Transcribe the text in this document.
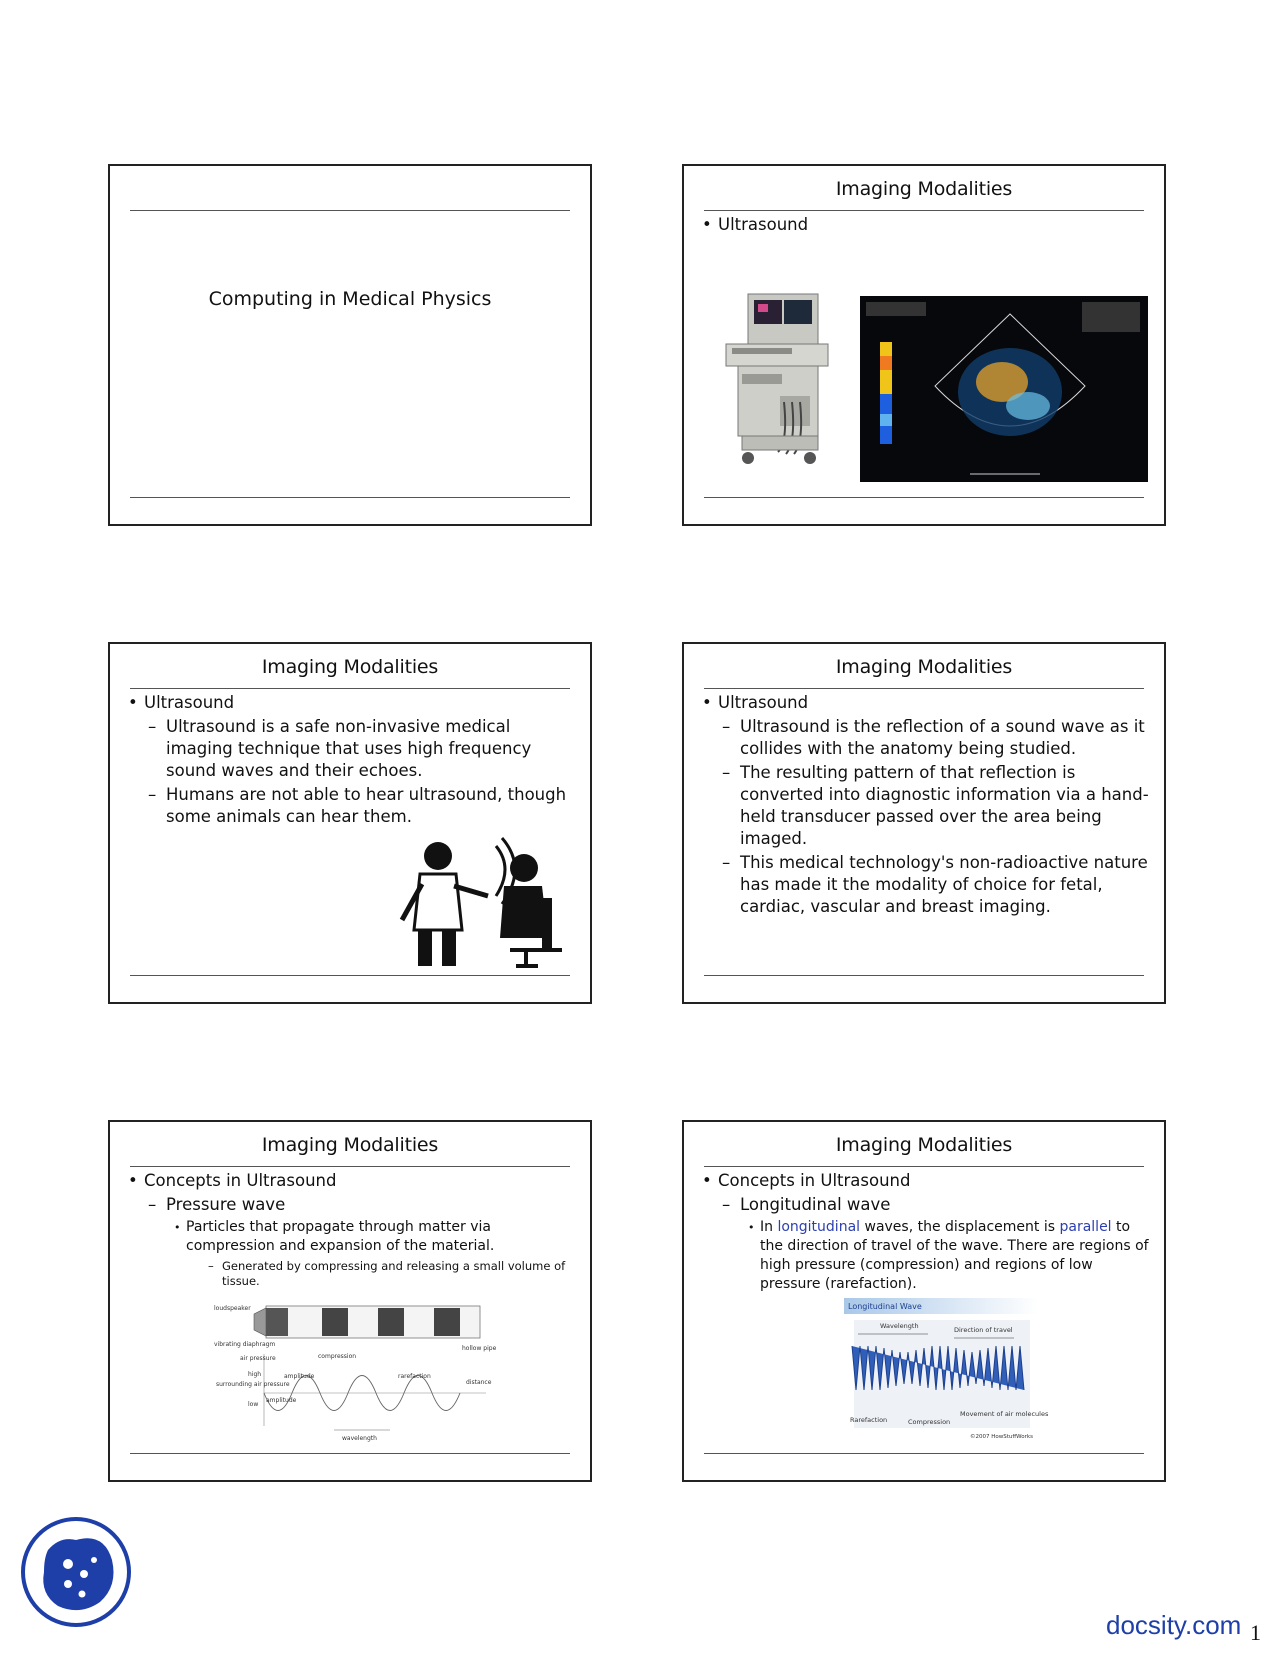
Computing in Medical Physics
Imaging Modalities
• Ultrasound
Imaging Modalities
• Ultrasound
– Ultrasound is a safe non-invasive medical imaging technique that uses high frequency sound waves and their echoes.
– Humans are not able to hear ultrasound, though some animals can hear them.
Imaging Modalities
• Ultrasound
– Ultrasound is the reflection of a sound wave as it collides with the anatomy being studied.
– The resulting pattern of that reflection is converted into diagnostic information via a hand-held transducer passed over the area being imaged.
– This medical technology's non-radioactive nature has made it the modality of choice for fetal, cardiac, vascular and breast imaging.
Imaging Modalities
• Concepts in Ultrasound
– Pressure wave
• Particles that propagate through matter via compression and expansion of the material.
– Generated by compressing and releasing a small volume of tissue.
loudspeaker
vibrating diaphragm
air pressure	compression
hollow pipe
high
surrounding air pressure
low
amplitude
amplitude
rarefaction
distance
wavelength
Imaging Modalities
• Concepts in Ultrasound
– Longitudinal wave
• In longitudinal waves, the displacement is parallel to the direction of travel of the wave. There are regions of high pressure (compression) and regions of low pressure (rarefaction).
Longitudinal Wave
Wavelength	Direction of travel
Rarefaction	Compression
Movement of air molecules
©2007 HowStuffWorks
docsity.com 1
